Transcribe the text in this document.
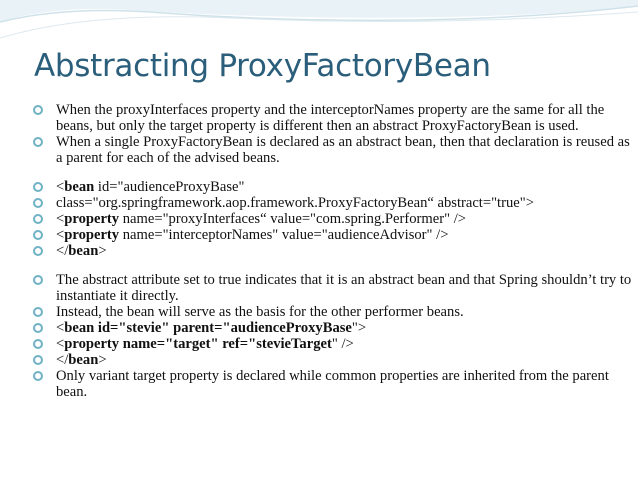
Abstracting ProxyFactoryBean
When the proxyInterfaces property and the interceptorNames property are the same for all the beans, but only the target property is different then an abstract ProxyFactoryBean is used.
When a single ProxyFactoryBean is declared as an abstract bean, then that declaration is reused as a parent for each of the advised beans.
<bean id="audienceProxyBase"
class="org.springframework.aop.framework.ProxyFactoryBean“ abstract="true">
<property name="proxyInterfaces“ value="com.spring.Performer" />
<property name="interceptorNames" value="audienceAdvisor" />
</bean>
The abstract attribute set to true indicates that it is an abstract bean and that Spring shouldn’t try to instantiate it directly.
Instead, the bean will serve as the basis for the other performer beans.
<bean id="stevie" parent="audienceProxyBase">
<property name="target" ref="stevieTarget" />
</bean>
Only variant target property is declared while common properties are inherited from the parent bean.
